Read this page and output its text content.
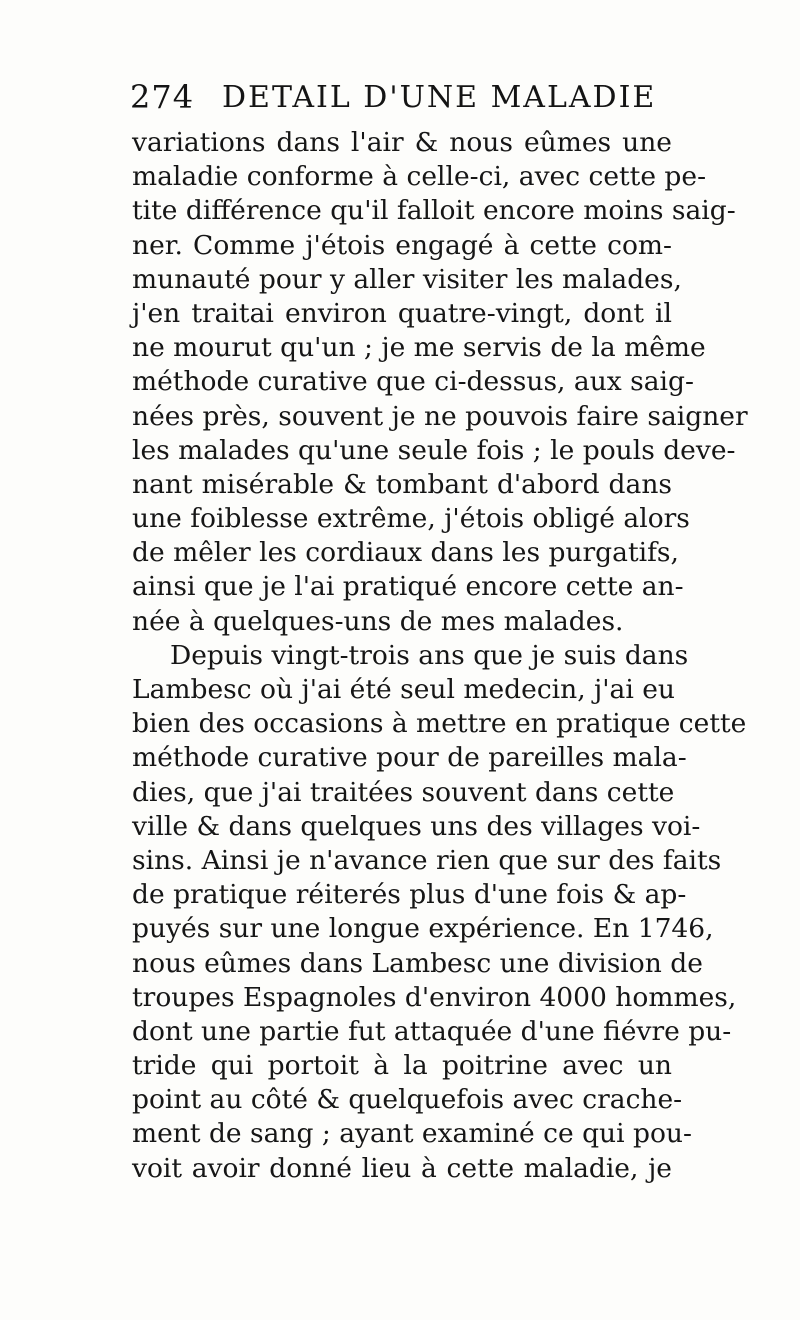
274 DETAIL D'UNE MALADIE
variations dans l'air & nous eûmes une
maladie conforme à celle-ci, avec cette pe-
tite différence qu'il falloit encore moins saig-
ner. Comme j'étois engagé à cette com-
munauté pour y aller visiter les malades,
j'en traitai environ quatre-vingt, dont il
ne mourut qu'un ; je me servis de la même
méthode curative que ci-dessus, aux saig-
nées près, souvent je ne pouvois faire saigner
les malades qu'une seule fois ; le pouls deve-
nant misérable & tombant d'abord dans
une foiblesse extrême, j'étois obligé alors
de mêler les cordiaux dans les purgatifs,
ainsi que je l'ai pratiqué encore cette an-
née à quelques-uns de mes malades.
Depuis vingt-trois ans que je suis dans
Lambesc où j'ai été seul medecin, j'ai eu
bien des occasions à mettre en pratique cette
méthode curative pour de pareilles mala-
dies, que j'ai traitées souvent dans cette
ville & dans quelques uns des villages voi-
sins. Ainsi je n'avance rien que sur des faits
de pratique réiterés plus d'une fois & ap-
puyés sur une longue expérience. En 1746,
nous eûmes dans Lambesc une division de
troupes Espagnoles d'environ 4000 hommes,
dont une partie fut attaquée d'une fiévre pu-
tride qui portoit à la poitrine avec un
point au côté & quelquefois avec crache-
ment de sang ; ayant examiné ce qui pou-
voit avoir donné lieu à cette maladie, je
